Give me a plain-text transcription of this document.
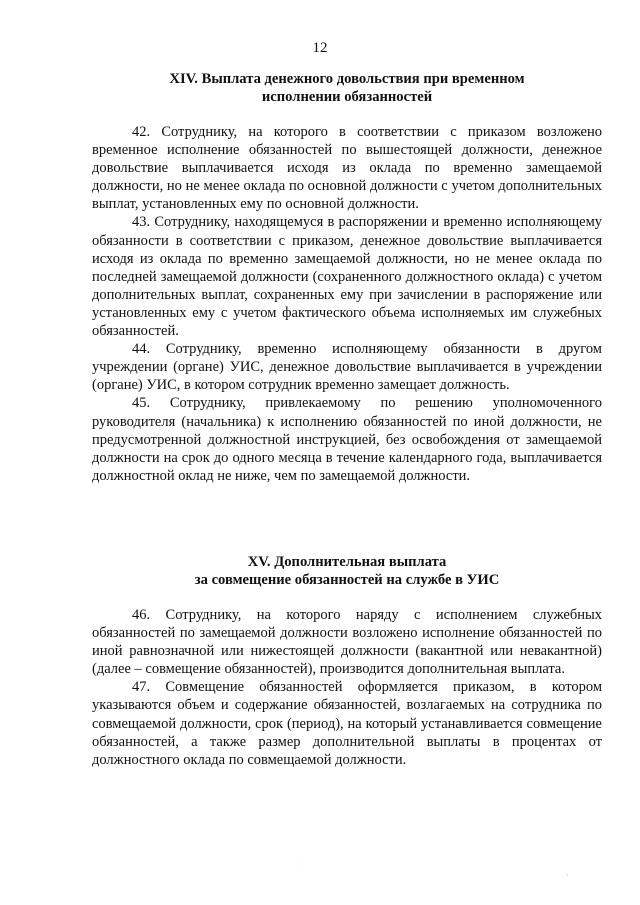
12
XIV. Выплата денежного довольствия при временном
исполнении обязанностей

42. Сотруднику, на которого в соответствии с приказом возложено временное исполнение обязанностей по вышестоящей должности, денежное довольствие выплачивается исходя из оклада по временно замещаемой должности, но не менее оклада по основной должности с учетом дополнительных выплат, установленных ему по основной должности.

43. Сотруднику, находящемуся в распоряжении и временно исполняющему обязанности в соответствии с приказом, денежное довольствие выплачивается исходя из оклада по временно замещаемой должности, но не менее оклада по последней замещаемой должности (сохраненного должностного оклада) с учетом дополнительных выплат, сохраненных ему при зачислении в распоряжение или установленных ему с учетом фактического объема исполняемых им служебных обязанностей.

44. Сотруднику, временно исполняющему обязанности в другом учреждении (органе) УИС, денежное довольствие выплачивается в учреждении (органе) УИС, в котором сотрудник временно замещает должность.

45. Сотруднику, привлекаемому по решению уполномоченного руководителя (начальника) к исполнению обязанностей по иной должности, не предусмотренной должностной инструкцией, без освобождения от замещаемой должности на срок до одного месяца в течение календарного года, выплачивается должностной оклад не ниже, чем по замещаемой должности.

XV. Дополнительная выплата
за совмещение обязанностей на службе в УИС

46. Сотруднику, на которого наряду с исполнением служебных обязанностей по замещаемой должности возложено исполнение обязанностей по иной равнозначной или нижестоящей должности (вакантной или невакантной) (далее – совмещение обязанностей), производится дополнительная выплата.

47. Совмещение обязанностей оформляется приказом, в котором указываются объем и содержание обязанностей, возлагаемых на сотрудника по совмещаемой должности, срок (период), на который устанавливается совмещение обязанностей, а также размер дополнительной выплаты в процентах от должностного оклада по совмещаемой должности.

˙
·
